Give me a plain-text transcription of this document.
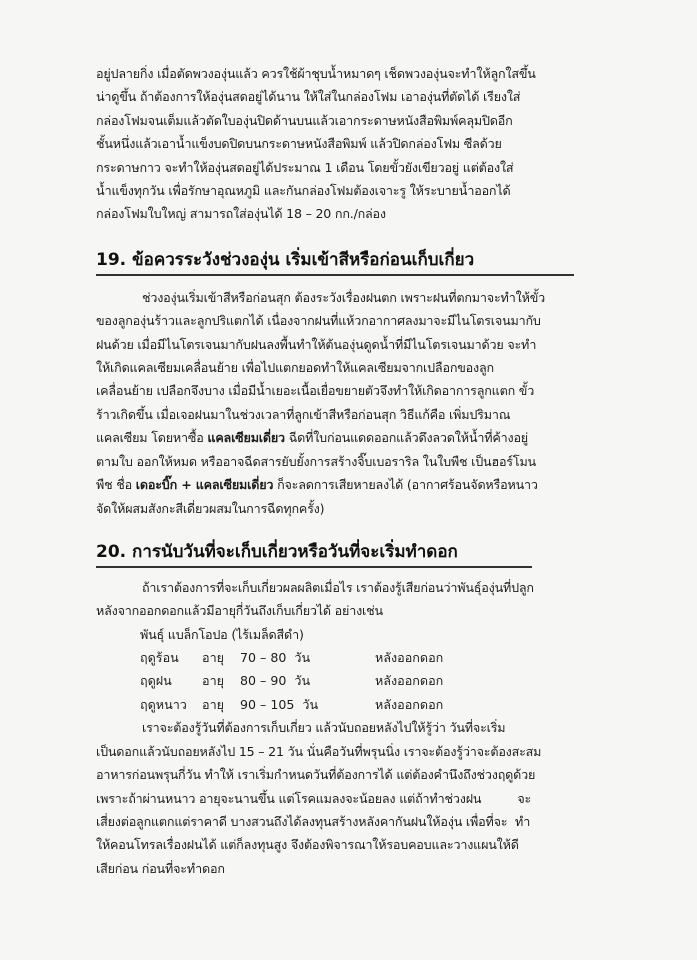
อยู่ปลายกิ่ง เมื่อตัดพวงองุ่นแล้ว ควรใช้ผ้าชุบน้ำหมาดๆ เช็ดพวงองุ่นจะทำให้ลูกใสขึ้น
น่าดูขึ้น ถ้าต้องการให้องุ่นสดอยู่ได้นาน ให้ใส่ในกล่องโฟม เอาองุ่นที่ตัดได้ เรียงใส่
กล่องโฟมจนเต็มแล้วตัดใบองุ่นปิดด้านบนแล้วเอากระดาษหนังสือพิมพ์คลุมปิดอีก
ชั้นหนึ่งแล้วเอาน้ำแข็งบดปิดบนกระดาษหนังสือพิมพ์ แล้วปิดกล่องโฟม ซีลด้วย
กระดาษกาว จะทำให้องุ่นสดอยู่ได้ประมาณ 1 เดือน โดยขั้วยังเขียวอยู่ แต่ต้องใส่
น้ำแข็งทุกวัน เพื่อรักษาอุณหภูมิ และกันกล่องโฟมต้องเจาะรู ให้ระบายน้ำออกได้
กล่องโฟมใบใหญ่ สามารถใส่องุ่นได้ 18 – 20 กก./กล่อง
19. ข้อควรระวังช่วงองุ่น เริ่มเข้าสีหรือก่อนเก็บเกี่ยว
ช่วงองุ่นเริ่มเข้าสีหรือก่อนสุก ต้องระวังเรื่องฝนตก เพราะฝนที่ตกมาจะทำให้ขั้ว
ของลูกองุ่นร้าวและลูกปริแตกได้ เนื่องจากฝนที่แห้วกอากาศลงมาจะมีไนโตรเจนมากับ
ฝนด้วย เมื่อมีไนโตรเจนมากับฝนลงพื้นทำให้ต้นองุ่นดูดน้ำที่มีไนโตรเจนมาด้วย จะทำ
ให้เกิดแคลเซียมเคลื่อนย้าย เพื่อไปแตกยอดทำให้แคลเซียมจากเปลือกของลูก
เคลื่อนย้าย เปลือกจึงบาง เมื่อมีน้ำเยอะเนื้อเยื่อขยายตัวจึงทำให้เกิดอาการลูกแตก ขั้ว
ร้าวเกิดขึ้น เมื่อเจอฝนมาในช่วงเวลาที่ลูกเข้าสีหรือก่อนสุก วิธีแก้คือ เพิ่มปริมาณ
แคลเซียม โดยหาซื้อ แคลเซียมเดี่ยว ฉีดที่ใบก่อนแดดออกแล้วดึงลวดให้น้ำที่ค้างอยู่
ตามใบ ออกให้หมด หรืออาจฉีดสารยับยั้งการสร้างจิ๊บเบอราริล ในใบพืช เป็นฮอร์โมน
พืช ชื่อ เดอะบิ๊ก + แคลเซียมเดี่ยว ก็จะลดการเสียหายลงได้ (อากาศร้อนจัดหรือหนาว
จัดให้ผสมสังกะสีเดี่ยวผสมในการฉีดทุกครั้ง)
20. การนับวันที่จะเก็บเกี่ยวหรือวันที่จะเริ่มทำดอก
ถ้าเราต้องการที่จะเก็บเกี่ยวผลผลิตเมื่อไร เราต้องรู้เสียก่อนว่าพันธุ์องุ่นที่ปลูก
หลังจากออกดอกแล้วมีอายุกี่วันถึงเก็บเกี่ยวได้ อย่างเช่น
พันธุ์ แบล็กโอปอ (ไร้เมล็ดสีดำ)
ฤดูร้อน	อายุ	70 – 80 วัน	หลังออกดอก
ฤดูฝน	อายุ	80 – 90 วัน	หลังออกดอก
ฤดูหนาว	อายุ	90 – 105 วัน	หลังออกดอก
เราจะต้องรู้วันที่ต้องการเก็บเกี่ยว แล้วนับถอยหลังไปให้รู้ว่า วันที่จะเริ่ม
เป็นดอกแล้วนับถอยหลังไป 15 – 21 วัน นั่นคือวันที่พรุนนิ่ง เราจะต้องรู้ว่าจะต้องสะสม
อาหารก่อนพรุนกี่วัน ทำให้ เราเริ่มกำหนดวันที่ต้องการได้ แต่ต้องคำนึงถึงช่วงฤดูด้วย
เพราะถ้าผ่านหนาว อายุจะนานขึ้น แต่โรคแมลงจะน้อยลง แต่ถ้าทำช่วงฝน	จะ
เสี่ยงต่อลูกแตกแต่ราคาดี บางสวนถึงได้ลงทุนสร้างหลังคากันฝนให้องุ่น เพื่อที่จะ ทำ
ให้คอนโทรลเรื่องฝนได้ แต่ก็ลงทุนสูง จึงต้องพิจารณาให้รอบคอบและวางแผนให้ดี
เสียก่อน ก่อนที่จะทำดอก
